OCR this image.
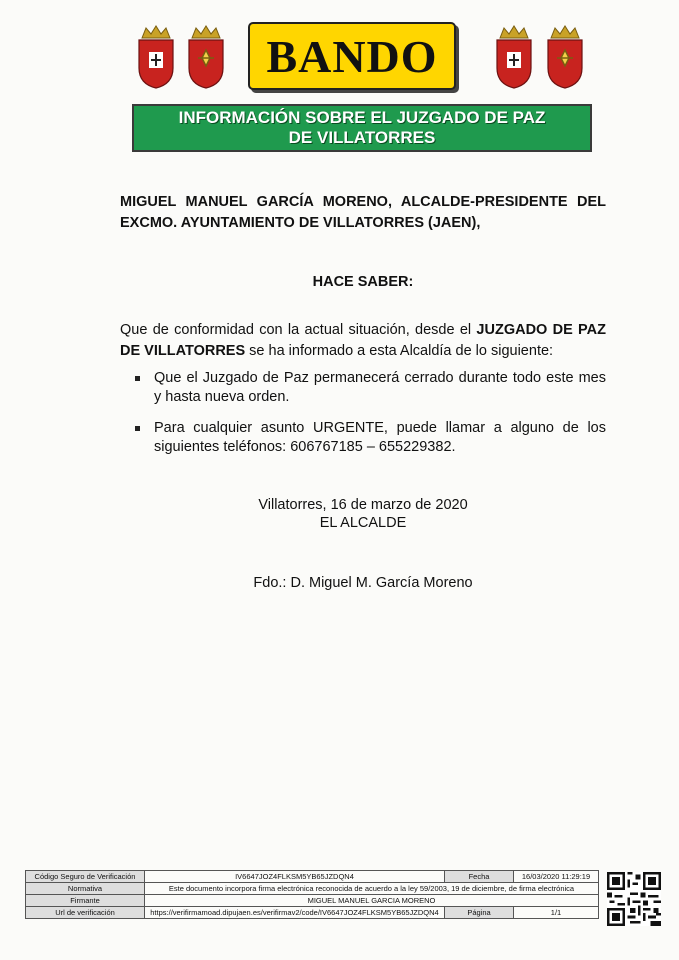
BANDO
INFORMACIÓN SOBRE EL JUZGADO DE PAZ
DE VILLATORRES
MIGUEL MANUEL GARCÍA MORENO, ALCALDE-PRESIDENTE DEL
EXCMO. AYUNTAMIENTO DE VILLATORRES (JAEN),
HACE SABER:
Que de conformidad con la actual situación, desde el JUZGADO DE PAZ DE VILLATORRES se ha informado a esta Alcaldía de lo siguiente:
Que el Juzgado de Paz permanecerá cerrado durante todo este mes y hasta nueva orden.
Para cualquier asunto URGENTE, puede llamar a alguno de los siguientes teléfonos: 606767185 – 655229382.
Villatorres, 16 de marzo de 2020
EL ALCALDE
Fdo.: D. Miguel M. García Moreno
Código Seguro de Verificación	IV6647JOZ4FLKSM5YB65JZDQN4	Fecha	16/03/2020 11:29:19
Normativa	Este documento incorpora firma electrónica reconocida de acuerdo a la ley 59/2003, 19 de diciembre, de firma electrónica		
Firmante	MIGUEL MANUEL GARCIA MORENO		
Url de verificación	https://verifirmamoad.dipujaen.es/verifirmav2/code/IV6647JOZ4FLKSM5YB65JZDQN4	Página	1/1
